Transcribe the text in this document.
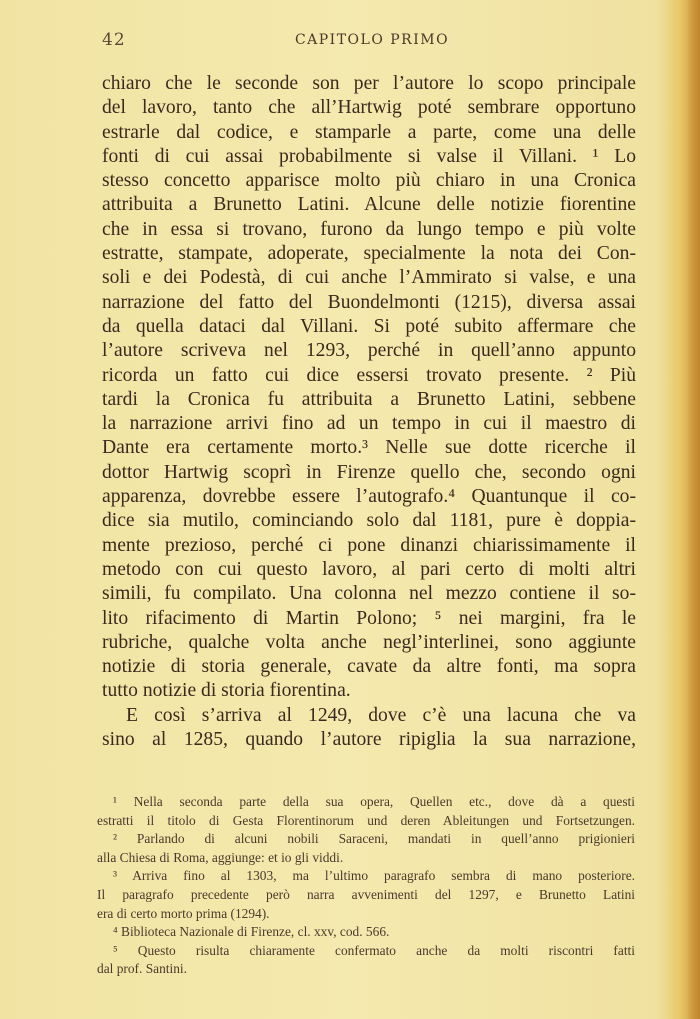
42	CAPITOLO PRIMO
chiaro che le seconde son per l’autore lo scopo principale
del lavoro, tanto che all’Hartwig poté sembrare opportuno
estrarle dal codice, e stamparle a parte, come una delle
fonti di cui assai probabilmente si valse il Villani. ¹ Lo
stesso concetto apparisce molto più chiaro in una Cronica
attribuita a Brunetto Latini. Alcune delle notizie fiorentine
che in essa si trovano, furono da lungo tempo e più volte
estratte, stampate, adoperate, specialmente la nota dei Con-
soli e dei Podestà, di cui anche l’Ammirato si valse, e una
narrazione del fatto del Buondelmonti (1215), diversa assai
da quella dataci dal Villani. Si poté subito affermare che
l’autore scriveva nel 1293, perché in quell’anno appunto
ricorda un fatto cui dice essersi trovato presente. ² Più
tardi la Cronica fu attribuita a Brunetto Latini, sebbene
la narrazione arrivi fino ad un tempo in cui il maestro di
Dante era certamente morto.³ Nelle sue dotte ricerche il
dottor Hartwig scoprì in Firenze quello che, secondo ogni
apparenza, dovrebbe essere l’autografo.⁴ Quantunque il co-
dice sia mutilo, cominciando solo dal 1181, pure è doppia-
mente prezioso, perché ci pone dinanzi chiarissimamente il
metodo con cui questo lavoro, al pari certo di molti altri
simili, fu compilato. Una colonna nel mezzo contiene il so-
lito rifacimento di Martin Polono; ⁵ nei margini, fra le
rubriche, qualche volta anche negl’interlinei, sono aggiunte
notizie di storia generale, cavate da altre fonti, ma sopra
tutto notizie di storia fiorentina.
E così s’arriva al 1249, dove c’è una lacuna che va
sino al 1285, quando l’autore ripiglia la sua narrazione,
¹ Nella seconda parte della sua opera, Quellen etc., dove dà a questi
estratti il titolo di Gesta Florentinorum und deren Ableitungen und Fortsetzungen.
² Parlando di alcuni nobili Saraceni, mandati in quell’anno prigionieri
alla Chiesa di Roma, aggiunge: et io gli viddi.
³ Arriva fino al 1303, ma l’ultimo paragrafo sembra di mano posteriore.
Il paragrafo precedente però narra avvenimenti del 1297, e Brunetto Latini
era di certo morto prima (1294).
⁴ Biblioteca Nazionale di Firenze, cl. xxv, cod. 566.
⁵ Questo risulta chiaramente confermato anche da molti riscontri fatti
dal prof. Santini.
